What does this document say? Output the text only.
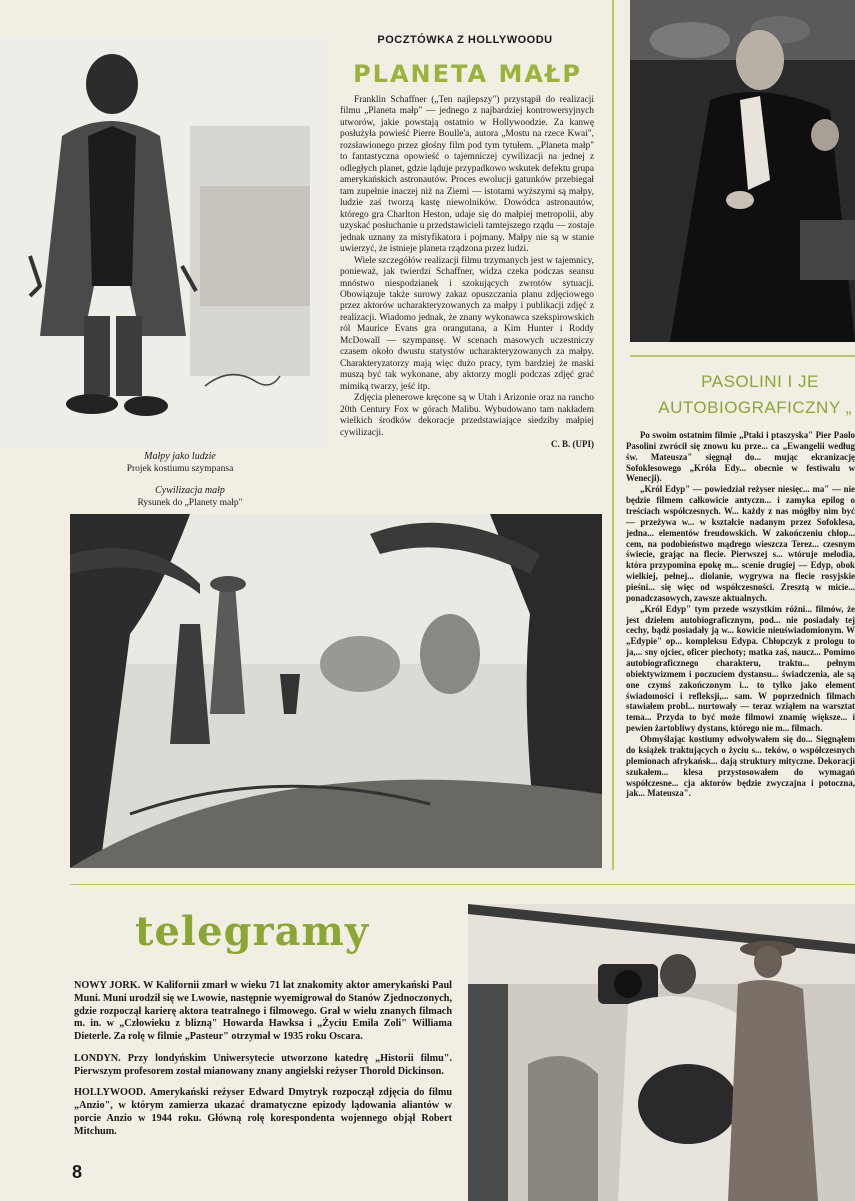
Małpy jako ludzie
Projek kostiumu szympansa
Cywilizacja małp
Rysunek do „Planety małp"
POCZTÓWKA Z HOLLYWOODU
PLANETA MAŁP

Franklin Schaffner („Ten najlepszy") przystąpił do realizacji filmu „Planeta małp" — jednego z najbardziej kontrowersyjnych utworów, jakie powstają ostatnio w Hollywoodzie. Za kanwę posłużyła powieść Pierre Boulle'a, autora „Mostu na rzece Kwai", rozsławionego przez głośny film pod tym tytułem. „Planeta małp" to fantastyczna opowieść o tajemniczej cywilizacji na jednej z odległych planet, gdzie ląduje przypadkowo wskutek defektu grupa amerykańskich astronautów. Proces ewolucji gatunków przebiegał tam zupełnie inaczej niż na Ziemi — istotami wyższymi są małpy, ludzie zaś tworzą kastę niewolników. Dowódca astronautów, którego gra Charlton Heston, udaje się do małpiej metropolii, aby uzyskać posłuchanie u przedstawicieli tamtejszego rządu — zostaje jednak uznany za mistyfikatora i pojmany. Małpy nie są w stanie uwierzyć, że istnieje planeta rządzona przez ludzi.

Wiele szczegółów realizacji filmu trzymanych jest w tajemnicy, ponieważ, jak twierdzi Schaffner, widza czeka podczas seansu mnóstwo niespodzianek i szokujących zwrotów sytuacji. Obowiązuje także surowy zakaz opuszczania planu zdjęciowego przez aktorów ucharakteryzowanych za małpy i publikacji zdjęć z realizacji. Wiadomo jednak, że znany wykonawca szekspirowskich ról Maurice Evans gra orangutana, a Kim Hunter i Roddy McDowall — szympansę. W scenach masowych uczestniczy czasem około dwustu statystów ucharakteryzowanych za małpy. Charakteryzatorzy mają więc dużo pracy, tym bardziej że maski muszą być tak wykonane, aby aktorzy mogli podczas zdjęć grać mimiką twarzy, jeść itp.

Zdjęcia plenerowe kręcone są w Utah i Arizonie oraz na rancho 20th Century Fox w górach Malibu. Wybudowano tam nakładem wielkich środków dekoracje przedstawiające siedziby małpiej cywilizacji.

C. B. (UPI)
PASOLINI I JE
AUTOBIOGRAFICZNY „

Po swoim ostatnim filmie „Ptaki i ptaszyska" Pier Paolo Pasolini zwrócił się znowu ku prze... ca „Ewangelii według św. Mateusza" sięgnął do... mując ekranizację Sofoklesowego „Króla Edy... obecnie w festiwalu w Wenecji).

„Król Edyp" — powiedział reżyser niesięc... ma" — nie będzie filmem całkowicie antyczn... i zamyka epilog o treściach współczesnych. W... każdy z nas mógłby nim być — przeżywa w... w kształcie nadanym przez Sofoklesa, jedna... elementów freudowskich. W zakończeniu chłop... cem, na podobieństwo mądrego wieszcza Terez... czesnym świecie, grając na flecie. Pierwszej s... wtóruje melodia, która przypomina epokę m... scenie drugiej — Edyp, obok wielkiej, pełnej... diolanie, wygrywa na flecie rosyjskie pieśni... się więc od współczesności. Zresztą w micie... ponadczasowych, zawsze aktualnych.

„Król Edyp" tym przede wszystkim różni... filmów, że jest dziełem autobiograficznym, pod... nie posiadały tej cechy, bądź posiadały ją w... kowicie nieuświadomionym. W „Edypie" op... kompleksu Edypa. Chłopczyk z prologu to ja,... sny ojciec, oficer piechoty; matka zaś, naucz... Pomimo autobiograficznego charakteru, traktu... pełnym obiektywizmem i poczuciem dystansu... świadczenia, ale są one czymś zakończonym i... to tylko jako element świadomości i refleksji,... sam. W poprzednich filmach stawiałem probl... nurtowały — teraz wziąłem na warsztat tema... Przyda to być może filmowi znamię większe... i pewien żartobliwy dystans, którego nie m... filmach.

Obmyślając kostiumy odwoływałem się do... Sięgnąłem do książek traktujących o życiu s... teków, o współczesnych plemionach afrykańsk... dają struktury mityczne. Dekoracji szukałem... klesa przystosowałem do wymagań współczesne... cja aktorów będzie zwyczajna i potoczna, jak... Mateusza".

telegramy

NOWY JORK. W Kalifornii zmarł w wieku 71 lat znakomity aktor amerykański Paul Muni. Muni urodził się we Lwowie, następnie wyemigrował do Stanów Zjednoczonych, gdzie rozpoczął karierę aktora teatralnego i filmowego. Grał w wielu znanych filmach m. in. w „Człowieku z blizną" Howarda Hawksa i „Życiu Emila Zoli" Williama Dieterle. Za rolę w filmie „Pasteur" otrzymał w 1935 roku Oscara.

LONDYN. Przy londyńskim Uniwersytecie utworzono katedrę „Historii filmu". Pierwszym profesorem został mianowany znany angielski reżyser Thorold Dickinson.

HOLLYWOOD. Amerykański reżyser Edward Dmytryk rozpoczął zdjęcia do filmu „Anzio", w którym zamierza ukazać dramatyczne epizody lądowania aliantów w porcie Anzio w 1944 roku. Główną rolę korespondenta wojennego objął Robert Mitchum.

8
